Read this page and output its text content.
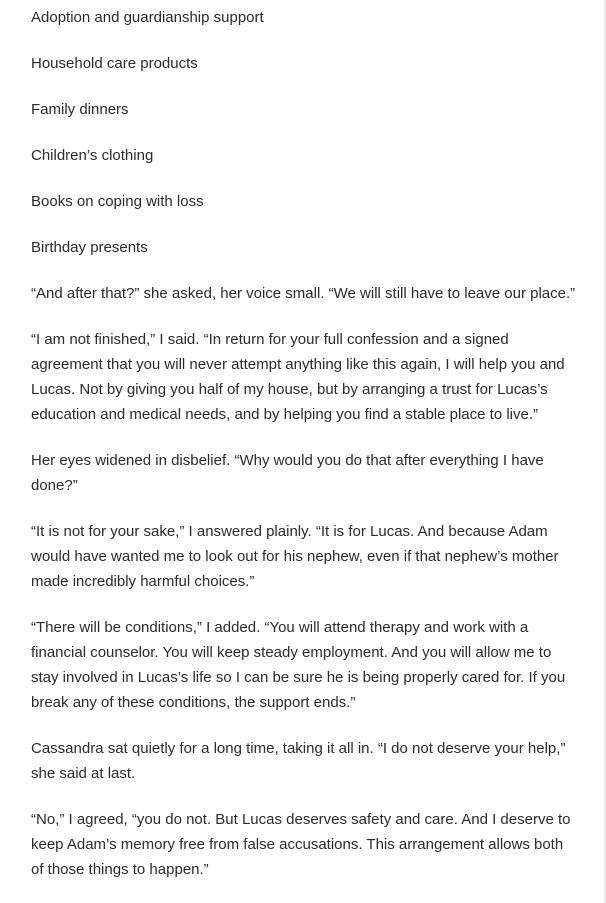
Adoption and guardianship support
Household care products
Family dinners
Children’s clothing
Books on coping with loss
Birthday presents

“And after that?” she asked, her voice small. “We will still have to leave our place.”

“I am not finished,” I said. “In return for your full confession and a signed agreement that you will never attempt anything like this again, I will help you and Lucas. Not by giving you half of my house, but by arranging a trust for Lucas’s education and medical needs, and by helping you find a stable place to live.”

Her eyes widened in disbelief. “Why would you do that after everything I have done?”

“It is not for your sake,” I answered plainly. “It is for Lucas. And because Adam would have wanted me to look out for his nephew, even if that nephew’s mother made incredibly harmful choices.”

“There will be conditions,” I added. “You will attend therapy and work with a financial counselor. You will keep steady employment. And you will allow me to stay involved in Lucas’s life so I can be sure he is being properly cared for. If you break any of these conditions, the support ends.”

Cassandra sat quietly for a long time, taking it all in. “I do not deserve your help,” she said at last.

“No,” I agreed, “you do not. But Lucas deserves safety and care. And I deserve to keep Adam’s memory free from false accusations. This arrangement allows both of those things to happen.”
